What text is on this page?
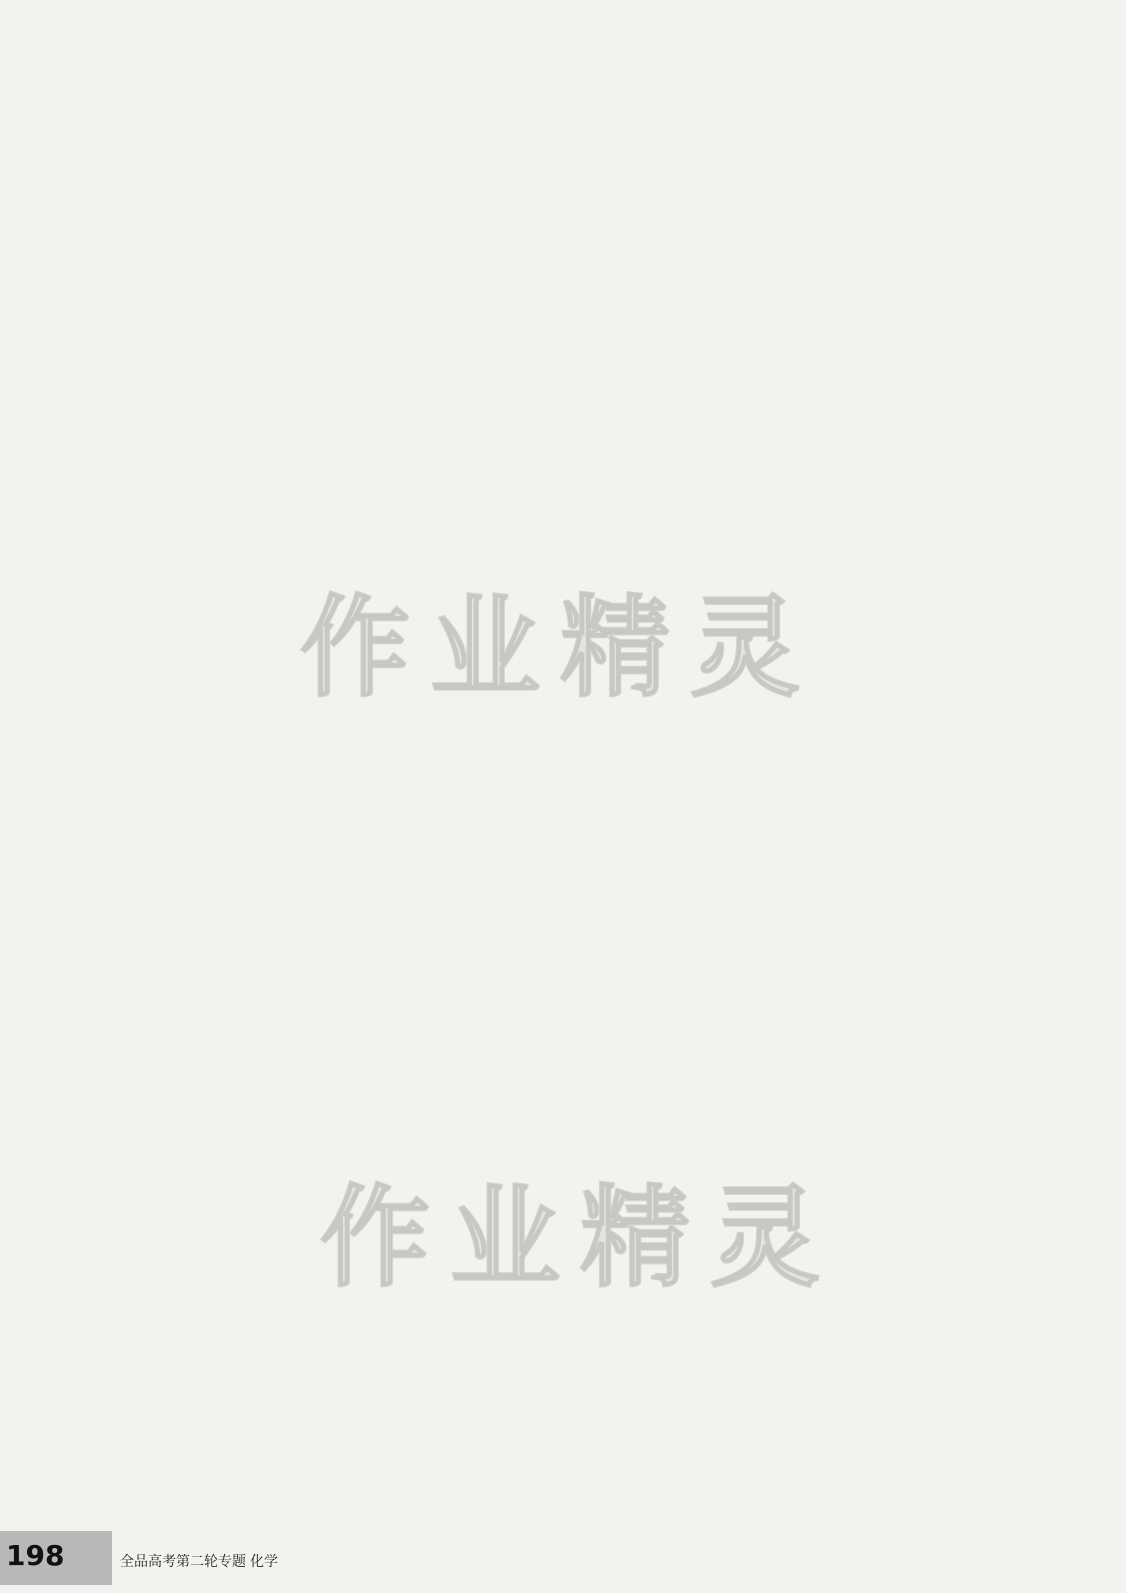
作业精灵
作业精灵
198	全品高考第二轮专题 化学
